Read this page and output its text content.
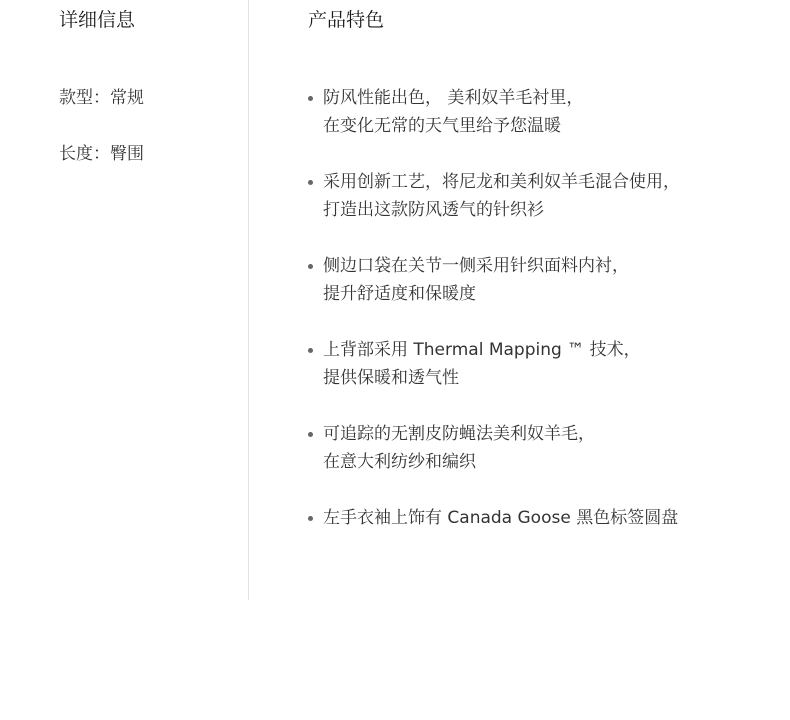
详细信息
款型：常规
长度：臀围
产品特色
防风性能出色， 美利奴羊毛衬里，
在变化无常的天气里给予您温暖
采用创新工艺，将尼龙和美利奴羊毛混合使用，
打造出这款防风透气的针织衫
侧边口袋在关节一侧采用针织面料内衬，
提升舒适度和保暖度
上背部采用 Thermal Mapping ™ 技术，
提供保暖和透气性
可追踪的无割皮防蝇法美利奴羊毛，
在意大利纺纱和编织
左手衣袖上饰有 Canada Goose 黑色标签圆盘
